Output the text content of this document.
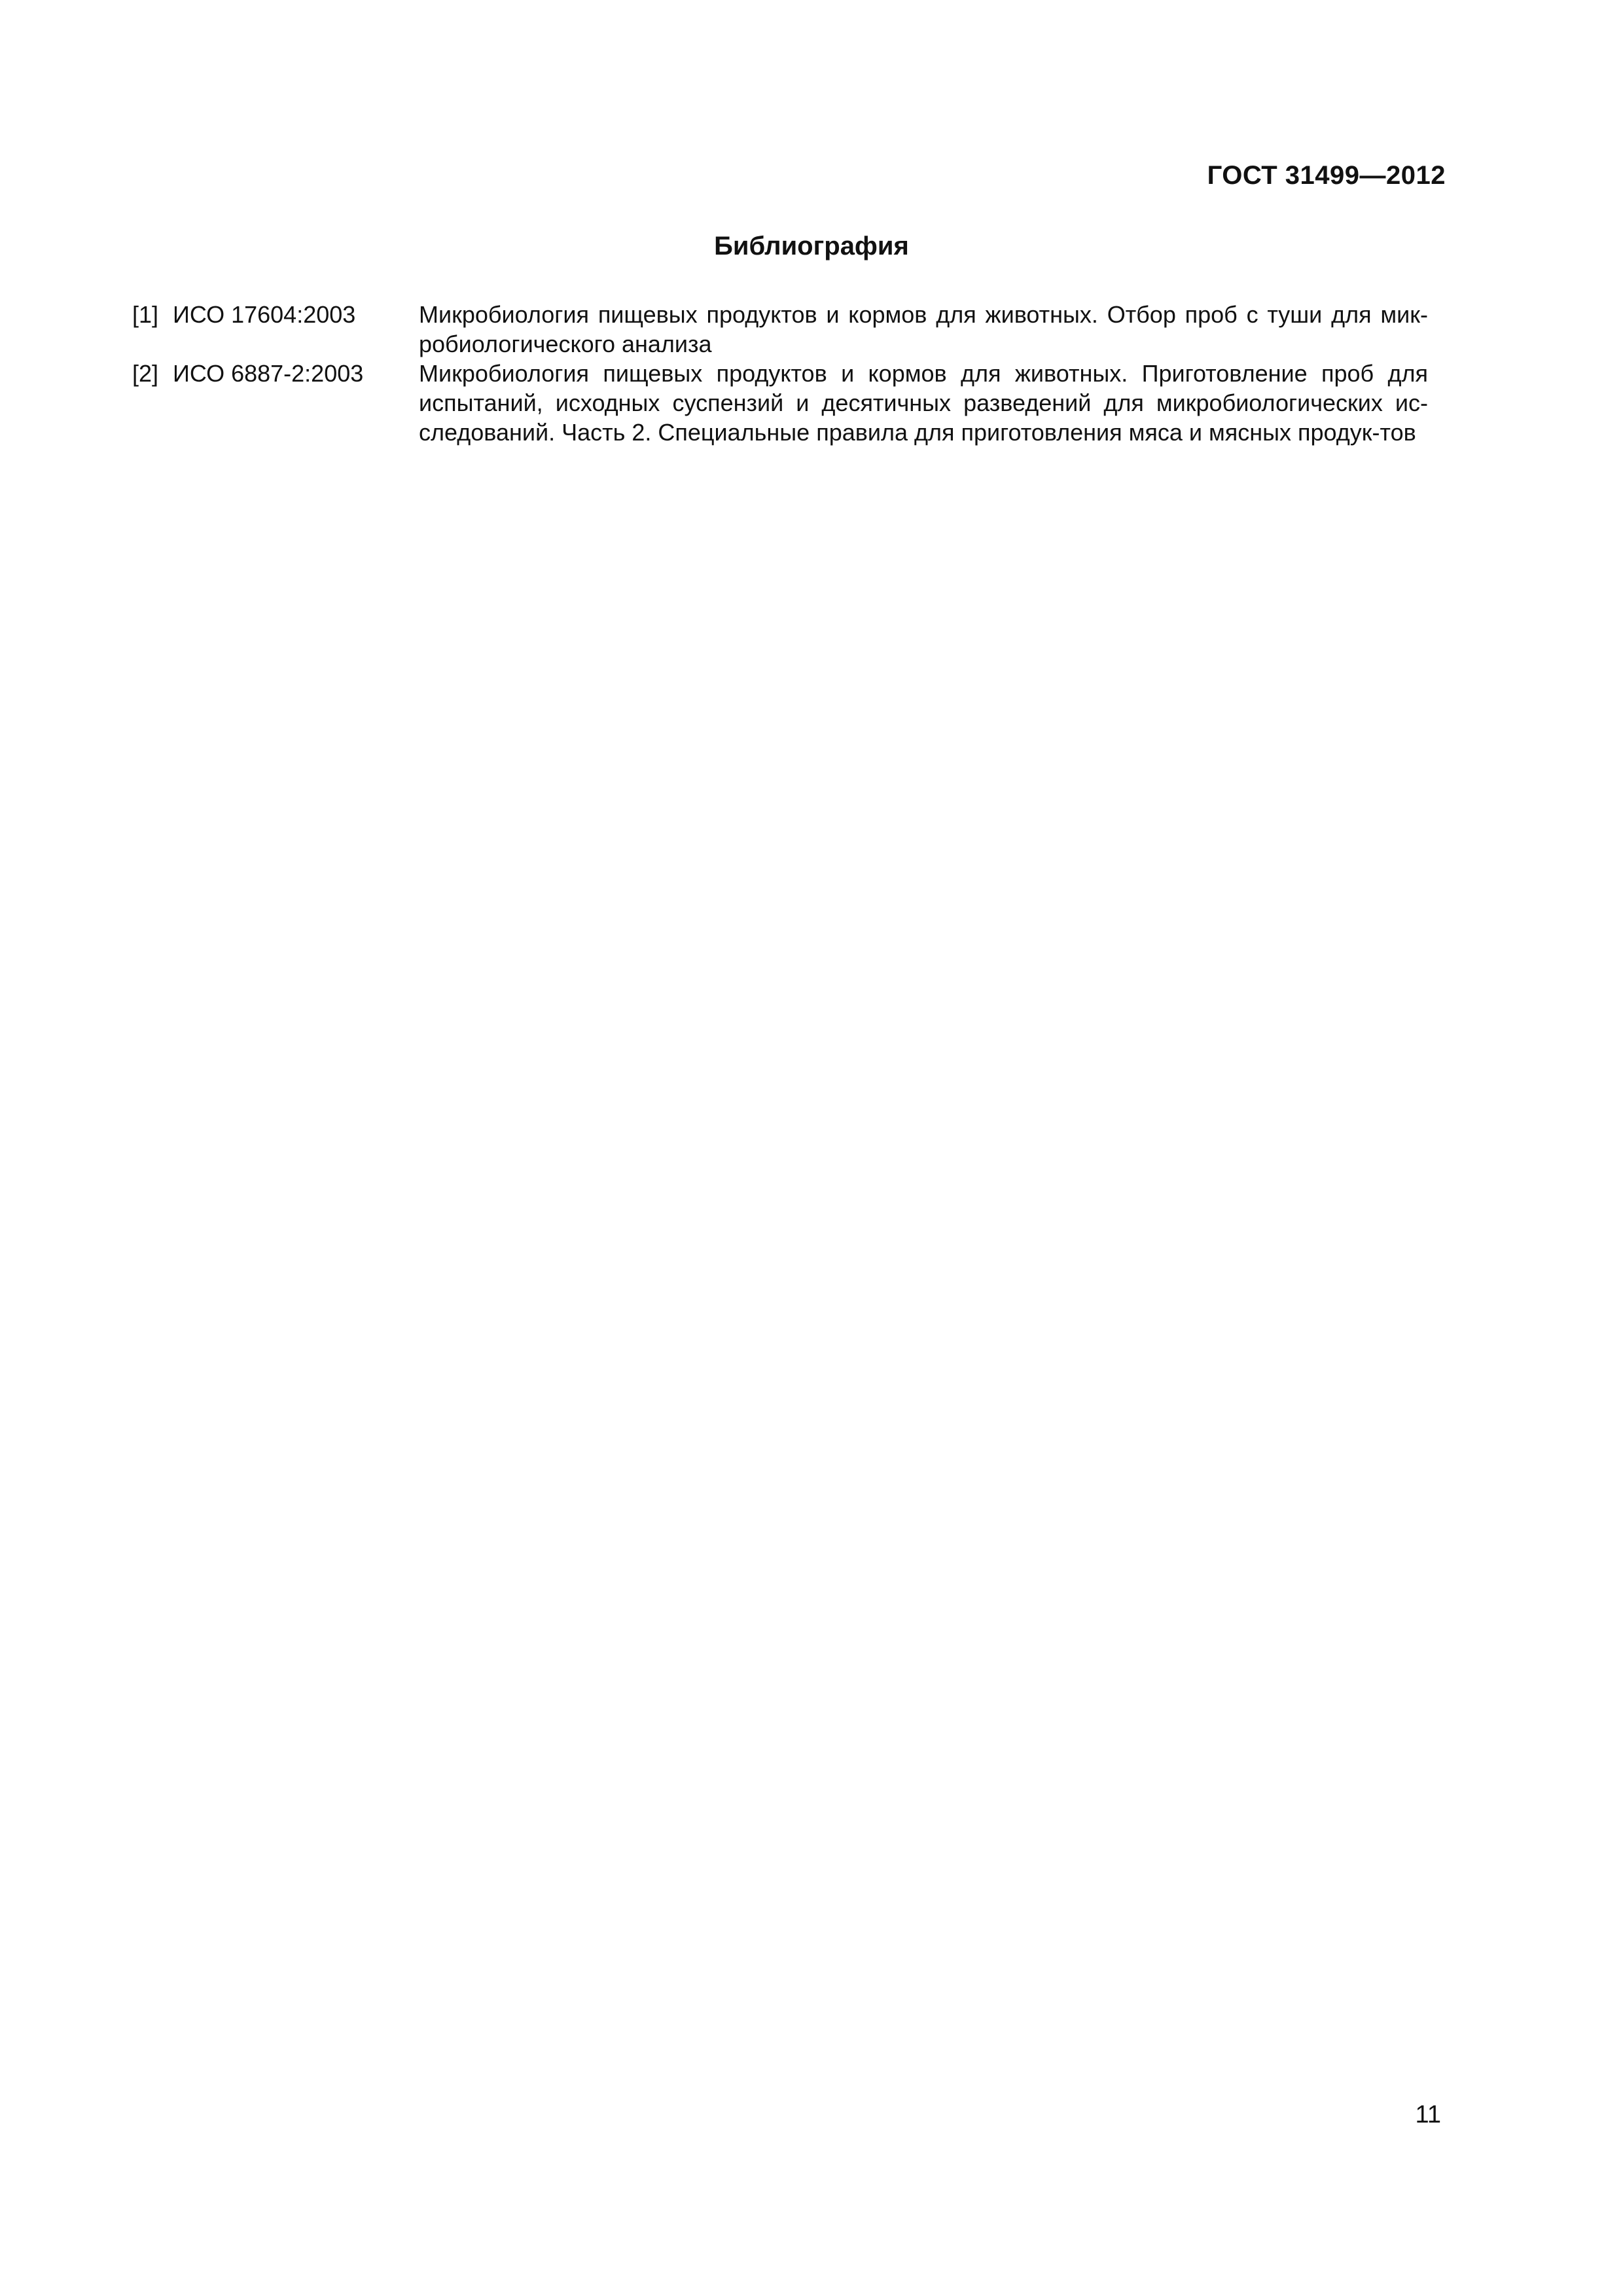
ГОСТ 31499—2012
Библиография
[1] ИСО 17604:2003	Микробиология пищевых продуктов и кормов для животных. Отбор проб с туши для мик-робиологического анализа
[2] ИСО 6887-2:2003	Микробиология пищевых продуктов и кормов для животных. Приготовление проб для испытаний, исходных суспензий и десятичных разведений для микробиологических ис-следований. Часть 2. Специальные правила для приготовления мяса и мясных продук-тов
11
